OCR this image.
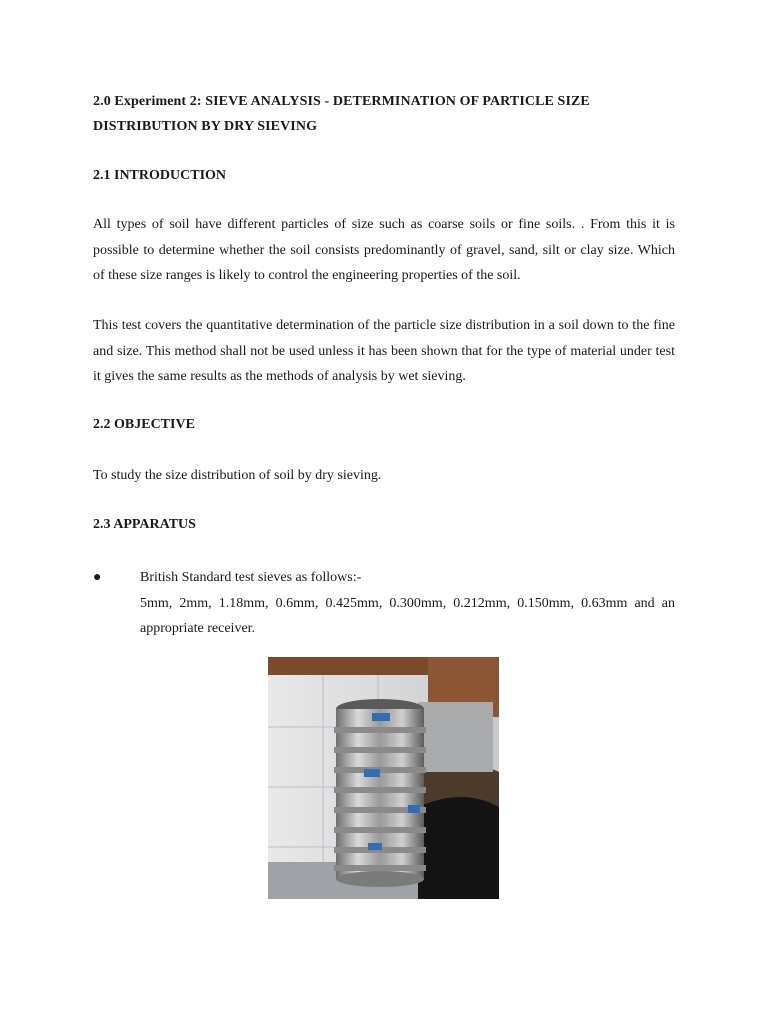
2.0 Experiment 2: SIEVE ANALYSIS - DETERMINATION OF PARTICLE SIZE DISTRIBUTION BY DRY SIEVING
2.1 INTRODUCTION
All types of soil have different particles of size such as coarse soils or fine soils. . From this it is possible to determine whether the soil consists predominantly of gravel, sand, silt or clay size. Which of these size ranges is likely to control the engineering properties of the soil.
This test covers the quantitative determination of the particle size distribution in a soil down to the fine and size. This method shall not be used unless it has been shown that for the type of material under test it gives the same results as the methods of analysis by wet sieving.
2.2 OBJECTIVE
To study the size distribution of soil by dry sieving.
2.3 APPARATUS
●	British Standard test sieves as follows:-
5mm, 2mm, 1.18mm, 0.6mm, 0.425mm, 0.300mm, 0.212mm, 0.150mm, 0.63mm and an appropriate receiver.
